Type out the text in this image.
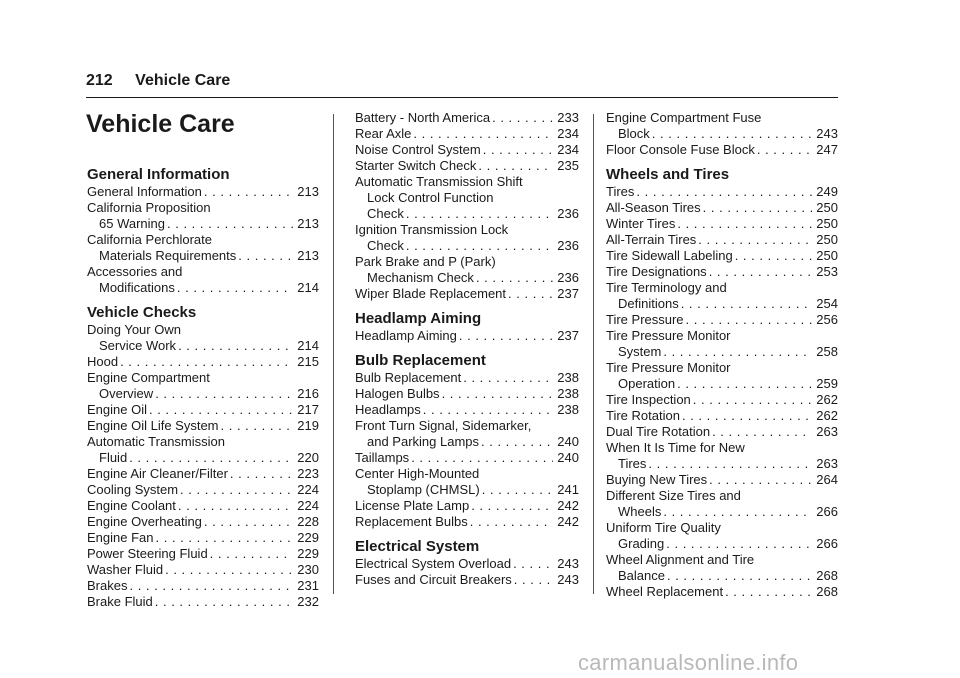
212 Vehicle Care
Vehicle Care
General Information
General Information . . .	213
California Proposition
65 Warning . . .	213
California Perchlorate
Materials Requirements . . .	213
Accessories and
Modifications . . .	214
Vehicle Checks
Doing Your Own
Service Work . . .	214
Hood . . .	215
Engine Compartment
Overview . . .	216
Engine Oil . . .	217
Engine Oil Life System . . .	219
Automatic Transmission
Fluid . . .	220
Engine Air Cleaner/Filter . . .	223
Cooling System . . .	224
Engine Coolant . . .	224
Engine Overheating . . .	228
Engine Fan . . .	229
Power Steering Fluid . . .	229
Washer Fluid . . .	230
Brakes . . .	231
Brake Fluid . . .	232
Battery - North America . . .	233
Rear Axle . . .	234
Noise Control System . . .	234
Starter Switch Check . . .	235
Automatic Transmission Shift
Lock Control Function
Check . . .	236
Ignition Transmission Lock
Check . . .	236
Park Brake and P (Park)
Mechanism Check . . .	236
Wiper Blade Replacement . . .	237
Headlamp Aiming
Headlamp Aiming . . .	237
Bulb Replacement
Bulb Replacement . . .	238
Halogen Bulbs . . .	238
Headlamps . . .	238
Front Turn Signal, Sidemarker,
and Parking Lamps . . .	240
Taillamps . . .	240
Center High-Mounted
Stoplamp (CHMSL) . . .	241
License Plate Lamp . . .	242
Replacement Bulbs . . .	242
Electrical System
Electrical System Overload . . .	243
Fuses and Circuit Breakers . . .	243
Engine Compartment Fuse
Block . . .	243
Floor Console Fuse Block . . .	247
Wheels and Tires
Tires . . .	249
All-Season Tires . . .	250
Winter Tires . . .	250
All-Terrain Tires . . .	250
Tire Sidewall Labeling . . .	250
Tire Designations . . .	253
Tire Terminology and
Definitions . . .	254
Tire Pressure . . .	256
Tire Pressure Monitor
System . . .	258
Tire Pressure Monitor
Operation . . .	259
Tire Inspection . . .	262
Tire Rotation . . .	262
Dual Tire Rotation . . .	263
When It Is Time for New
Tires . . .	263
Buying New Tires . . .	264
Different Size Tires and
Wheels . . .	266
Uniform Tire Quality
Grading . . .	266
Wheel Alignment and Tire
Balance . . .	268
Wheel Replacement . . .	268
carmanualsonline.info
